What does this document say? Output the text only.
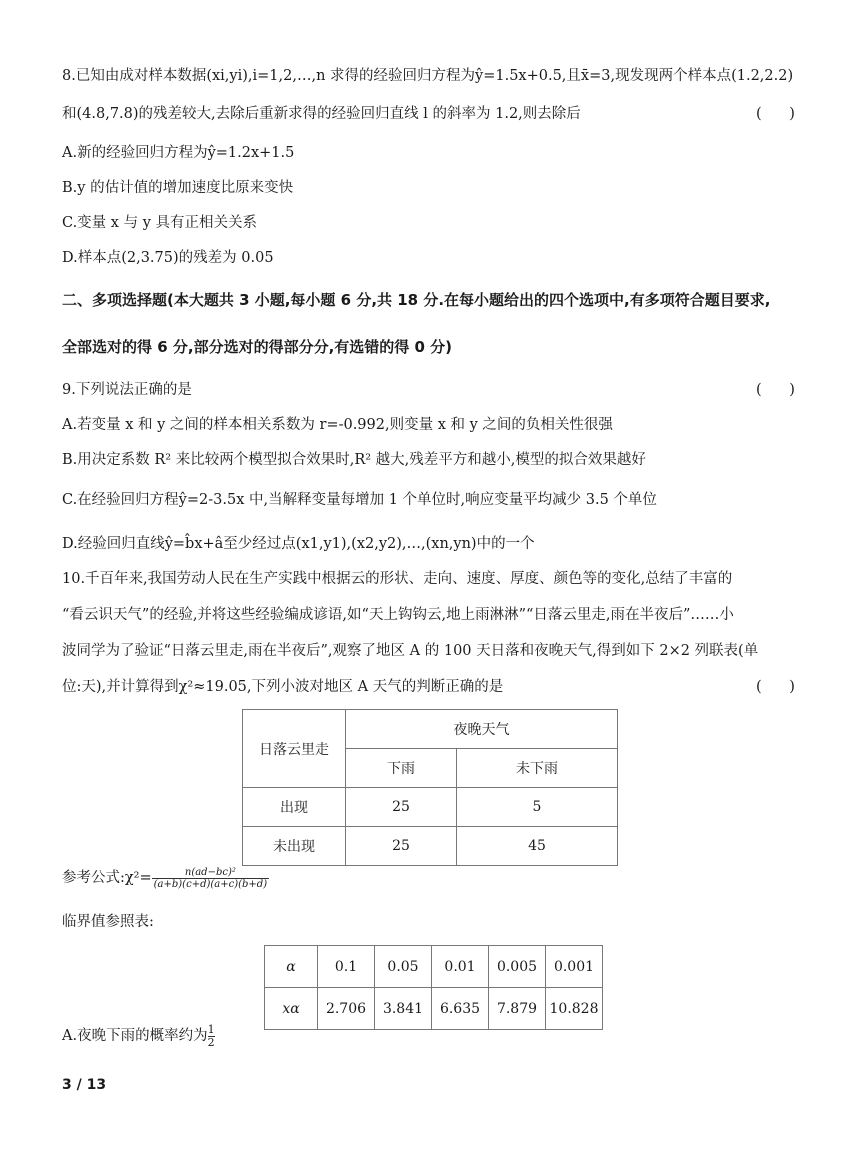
8.已知由成对样本数据(xi,yi),i=1,2,…,n 求得的经验回归方程为ŷ=1.5x+0.5,且x̄=3,现发现两个样本点(1.2,2.2)
和(4.8,7.8)的残差较大,去除后重新求得的经验回归直线 l 的斜率为 1.2,则去除后	(      )
A.新的经验回归方程为ŷ=1.2x+1.5
B.y 的估计值的增加速度比原来变快
C.变量 x 与 y 具有正相关关系
D.样本点(2,3.75)的残差为 0.05
二、多项选择题(本大题共 3 小题,每小题 6 分,共 18 分.在每小题给出的四个选项中,有多项符合题目要求,
全部选对的得 6 分,部分选对的得部分分,有选错的得 0 分)
9.下列说法正确的是	(      )
A.若变量 x 和 y 之间的样本相关系数为 r=-0.992,则变量 x 和 y 之间的负相关性很强
B.用决定系数 R² 来比较两个模型拟合效果时,R² 越大,残差平方和越小,模型的拟合效果越好
C.在经验回归方程ŷ=2-3.5x 中,当解释变量每增加 1 个单位时,响应变量平均减少 3.5 个单位
D.经验回归直线ŷ=b̂x+â至少经过点(x1,y1),(x2,y2),…,(xn,yn)中的一个
10.千百年来,我国劳动人民在生产实践中根据云的形状、走向、速度、厚度、颜色等的变化,总结了丰富的
“看云识天气”的经验,并将这些经验编成谚语,如“天上钩钩云,地上雨淋淋”“日落云里走,雨在半夜后”……小
波同学为了验证“日落云里走,雨在半夜后”,观察了地区 A 的 100 天日落和夜晚天气,得到如下 2×2 列联表(单
位:天),并计算得到χ²≈19.05,下列小波对地区 A 天气的判断正确的是	(      )
日落云里走	夜晚天气	
	下雨	未下雨
出现	25	5
未出现	25	45
参考公式:χ²= $\frac{\text{n(ad−bc)²}}{(a+b)(c+d)(a+c)(b+d)}$
临界值参照表:
α	0.1	0.05	0.01	0.005	0.001
xα	2.706	3.841	6.635	7.879	10.828
A.夜晚下雨的概率约为 $\frac{1}{2}$
3 / 13
